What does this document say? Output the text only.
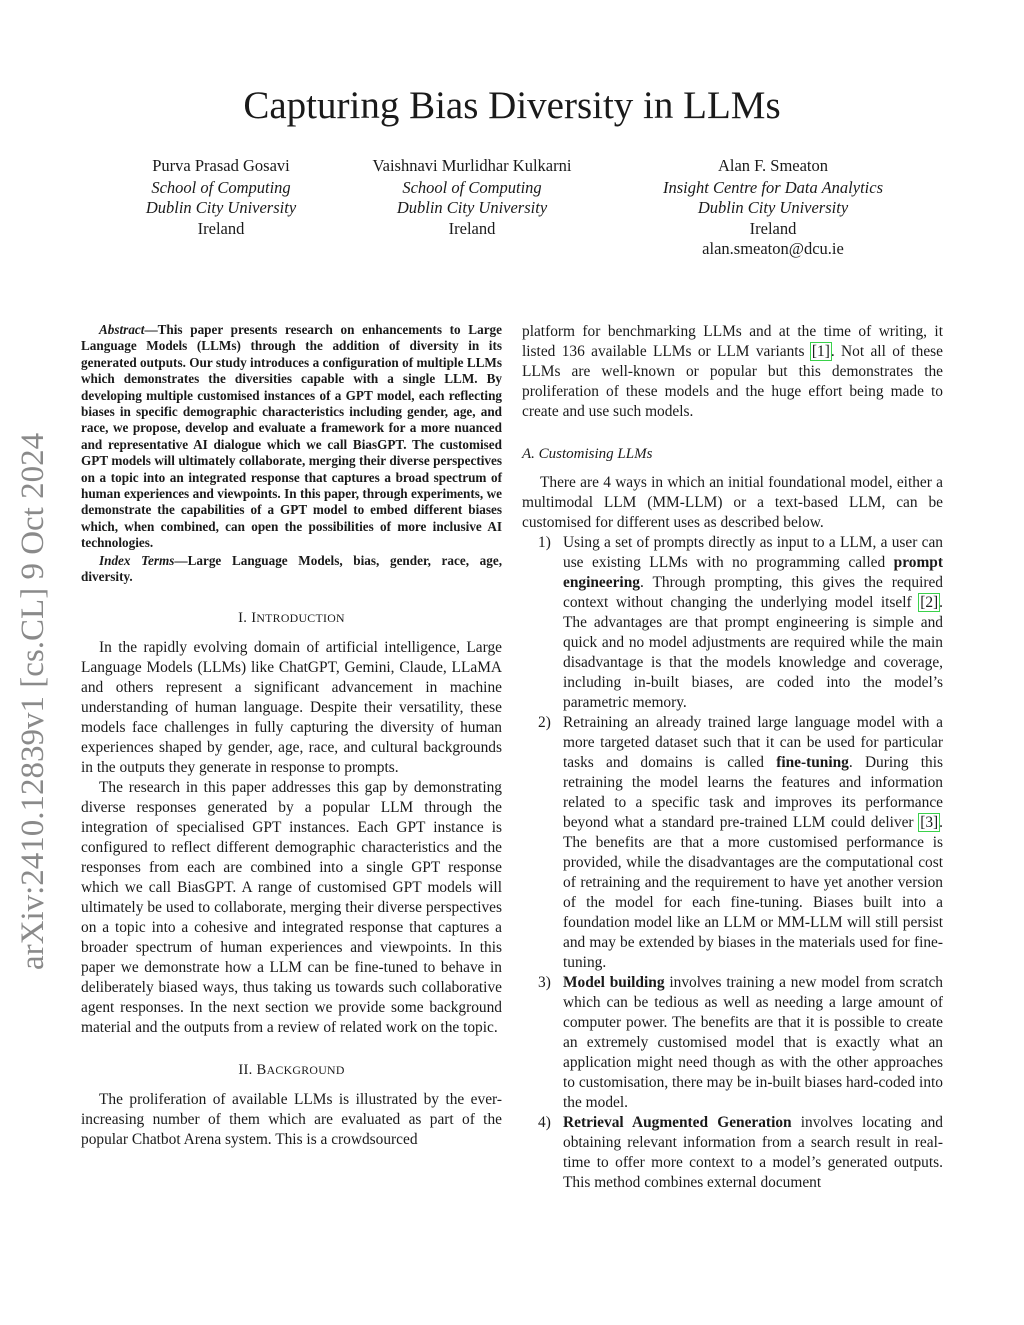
Capturing Bias Diversity in LLMs
Purva Prasad Gosavi
School of Computing
Dublin City University
Ireland
Vaishnavi Murlidhar Kulkarni
School of Computing
Dublin City University
Ireland
Alan F. Smeaton
Insight Centre for Data Analytics
Dublin City University
Ireland
alan.smeaton@dcu.ie
arXiv:2410.12839v1 [cs.CL] 9 Oct 2024

Abstract—This paper presents research on enhancements to Large Language Models (LLMs) through the addition of diversity in its generated outputs. Our study introduces a configuration of multiple LLMs which demonstrates the diversities capable with a single LLM. By developing multiple customised instances of a GPT model, each reflecting biases in specific demographic characteristics including gender, age, and race, we propose, develop and evaluate a framework for a more nuanced and representative AI dialogue which we call BiasGPT. The customised GPT models will ultimately collaborate, merging their diverse perspectives on a topic into an integrated response that captures a broad spectrum of human experiences and viewpoints. In this paper, through experiments, we demonstrate the capabilities of a GPT model to embed different biases which, when combined, can open the possibilities of more inclusive AI technologies.

Index Terms—Large Language Models, bias, gender, race, age, diversity.

I. INTRODUCTION

In the rapidly evolving domain of artificial intelligence, Large Language Models (LLMs) like ChatGPT, Gemini, Claude, LLaMA and others represent a significant advancement in machine understanding of human language. Despite their versatility, these models face challenges in fully capturing the diversity of human experiences shaped by gender, age, race, and cultural backgrounds in the outputs they generate in response to prompts.

The research in this paper addresses this gap by demonstrating diverse responses generated by a popular LLM through the integration of specialised GPT instances. Each GPT instance is configured to reflect different demographic characteristics and the responses from each are combined into a single GPT response which we call BiasGPT. A range of customised GPT models will ultimately be used to collaborate, merging their diverse perspectives on a topic into a cohesive and integrated response that captures a broader spectrum of human experiences and viewpoints. In this paper we demonstrate how a LLM can be fine-tuned to behave in deliberately biased ways, thus taking us towards such collaborative agent responses. In the next section we provide some background material and the outputs from a review of related work on the topic.

II. BACKGROUND

The proliferation of available LLMs is illustrated by the ever-increasing number of them which are evaluated as part of the popular Chatbot Arena system. This is a crowdsourced

platform for benchmarking LLMs and at the time of writing, it listed 136 available LLMs or LLM variants [1]. Not all of these LLMs are well-known or popular but this demonstrates the proliferation of these models and the huge effort being made to create and use such models.

A. Customising LLMs

There are 4 ways in which an initial foundational model, either a multimodal LLM (MM-LLM) or a text-based LLM, can be customised for different uses as described below.

1) Using a set of prompts directly as input to a LLM, a user can use existing LLMs with no programming called prompt engineering. Through prompting, this gives the required context without changing the underlying model itself [2]. The advantages are that prompt engineering is simple and quick and no model adjustments are required while the main disadvantage is that the models knowledge and coverage, including in-built biases, are coded into the model’s parametric memory.
2) Retraining an already trained large language model with a more targeted dataset such that it can be used for particular tasks and domains is called fine-tuning. During this retraining the model learns the features and information related to a specific task and improves its performance beyond what a standard pre-trained LLM could deliver [3]. The benefits are that a more customised performance is provided, while the disadvantages are the computational cost of retraining and the requirement to have yet another version of the model for each fine-tuning. Biases built into a foundation model like an LLM or MM-LLM will still persist and may be extended by biases in the materials used for fine-tuning.
3) Model building involves training a new model from scratch which can be tedious as well as needing a large amount of computer power. The benefits are that it is possible to create an extremely customised model that is exactly what an application might need though as with the other approaches to customisation, there may be in-built biases hard-coded into the model.
4) Retrieval Augmented Generation involves locating and obtaining relevant information from a search result in real-time to offer more context to a model’s generated outputs. This method combines external document
